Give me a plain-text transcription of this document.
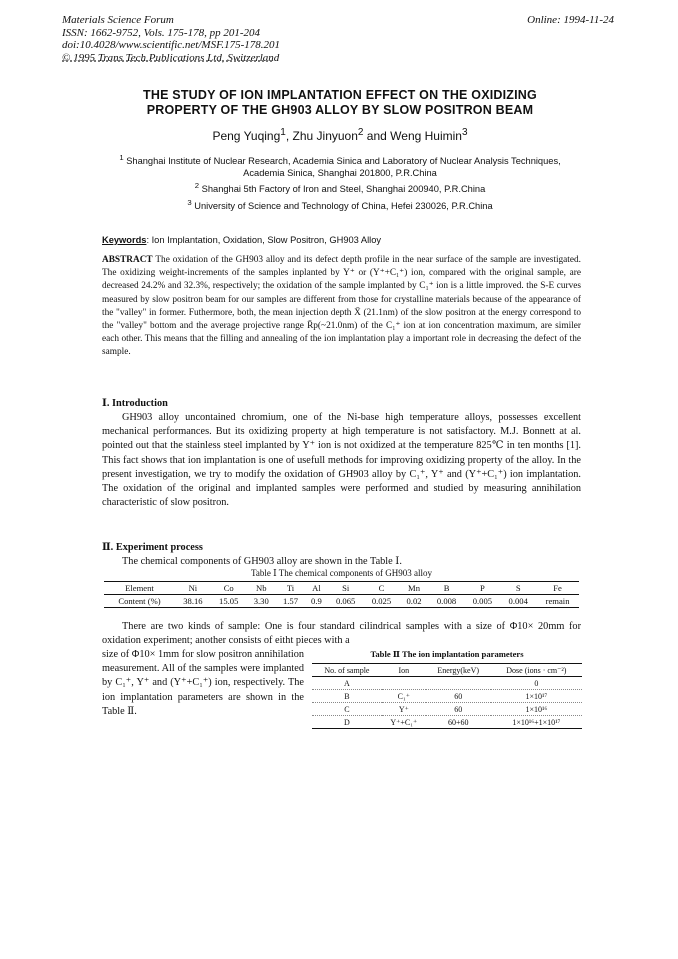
Materials Science Forum
ISSN: 1662-9752, Vols. 175-178, pp 201-204
doi:10.4028/www.scientific.net/MSF.175-178.201
© 1995 Trans Tech Publications Ltd, Switzerland
Online: 1994-11-24
THE STUDY OF ION IMPLANTATION EFFECT ON THE OXIDIZING
PROPERTY OF THE GH903 ALLOY BY SLOW POSITRON BEAM
Peng Yuqing$^1$, Zhu Jinyuon$^2$ and Weng Huimin$^3$
$^1$ Shanghai Institute of Nuclear Research, Academia Sinica and Laboratory of Nuclear Analysis Techniques, Academia Sinica, Shanghai 201800, P.R.China
$^2$ Shanghai 5th Factory of Iron and Steel, Shanghai 200940, P.R.China
$^3$ University of Science and Technology of China, Hefei 230026, P.R.China
Keywords: Ion Implantation, Oxidation, Slow Positron, GH903 Alloy
ABSTRACT The oxidation of the GH903 alloy and its defect depth profile in the near surface of the sample are investigated. The oxidizing weight-increments of the samples inplanted by Y⁺ or (Y⁺+C₁⁺) ion, compared with the original sample, are decreased 24.2% and 32.3%, respectively; the oxidation of the sample implanted by C₁⁺ ion is a little improved. the S-E curves measured by slow positron beam for our samples are different from those for crystalline materials because of the appearance of the "valley" in former. Futhermore, both, the mean injection depth X̄ (21.1nm) of the slow positron at the energy correspond to the "valley" bottom and the average projective range R̄p(~21.0nm) of the C₁⁺ ion at ion concentration maximum, are similer each other. This means that the filling and annealing of the ion implantation play a important role in decreasing the defect of the sample.
Ⅰ. Introduction
GH903 alloy uncontained chromium, one of the Ni-base high temperature alloys, possesses excellent mechanical performances. But its oxidizing property at high temperature is not satisfactory. M.J. Bonnett at al. pointed out that the stainless steel implanted by Y⁺ ion is not oxidized at the temperature 825℃ in ten months [1]. This fact shows that ion implantation is one of usefull methods for improving oxidizing property of the alloy. In the present investigation, we try to modify the oxidation of GH903 alloy by C₁⁺, Y⁺ and (Y⁺+C₁⁺) ion implantation. The oxidation of the original and implanted samples were performed and studied by measuring annihilation characteristic of slow positron.
Ⅱ. Experiment process
The chemical components of GH903 alloy are shown in the Table Ⅰ.
Table Ⅰ The chemical components of GH903 alloy
Element	Ni	Co	Nb	Ti	Al	Si	C	Mn	B	P	S	Fe
Content (%)	38.16	15.05	3.30	1.57	0.9	0.065	0.025	0.02	0.008	0.005	0.004	remain
There are two kinds of sample: One is four standard cilindrical samples with a size of Φ10× 20mm for oxidation experiment; another consists of eitht pieces with a
size of Φ10× 1mm for slow positron annihilation measurement. All of the samples were implanted by C₁⁺, Y⁺ and (Y⁺+C₁⁺) ion, respectively. The ion implantation parameters are shown in the Table Ⅱ.
Table Ⅱ The ion implantation parameters
No. of sample	Ion	Energy(keV)	Dose (ions · cm⁻²)
A			0
B	C₁⁺	60	1×10¹⁷
C	Y⁺	60	1×10¹⁶
D	Y⁺+C₁⁺	60+60	1×10¹⁶+1×10¹⁷
